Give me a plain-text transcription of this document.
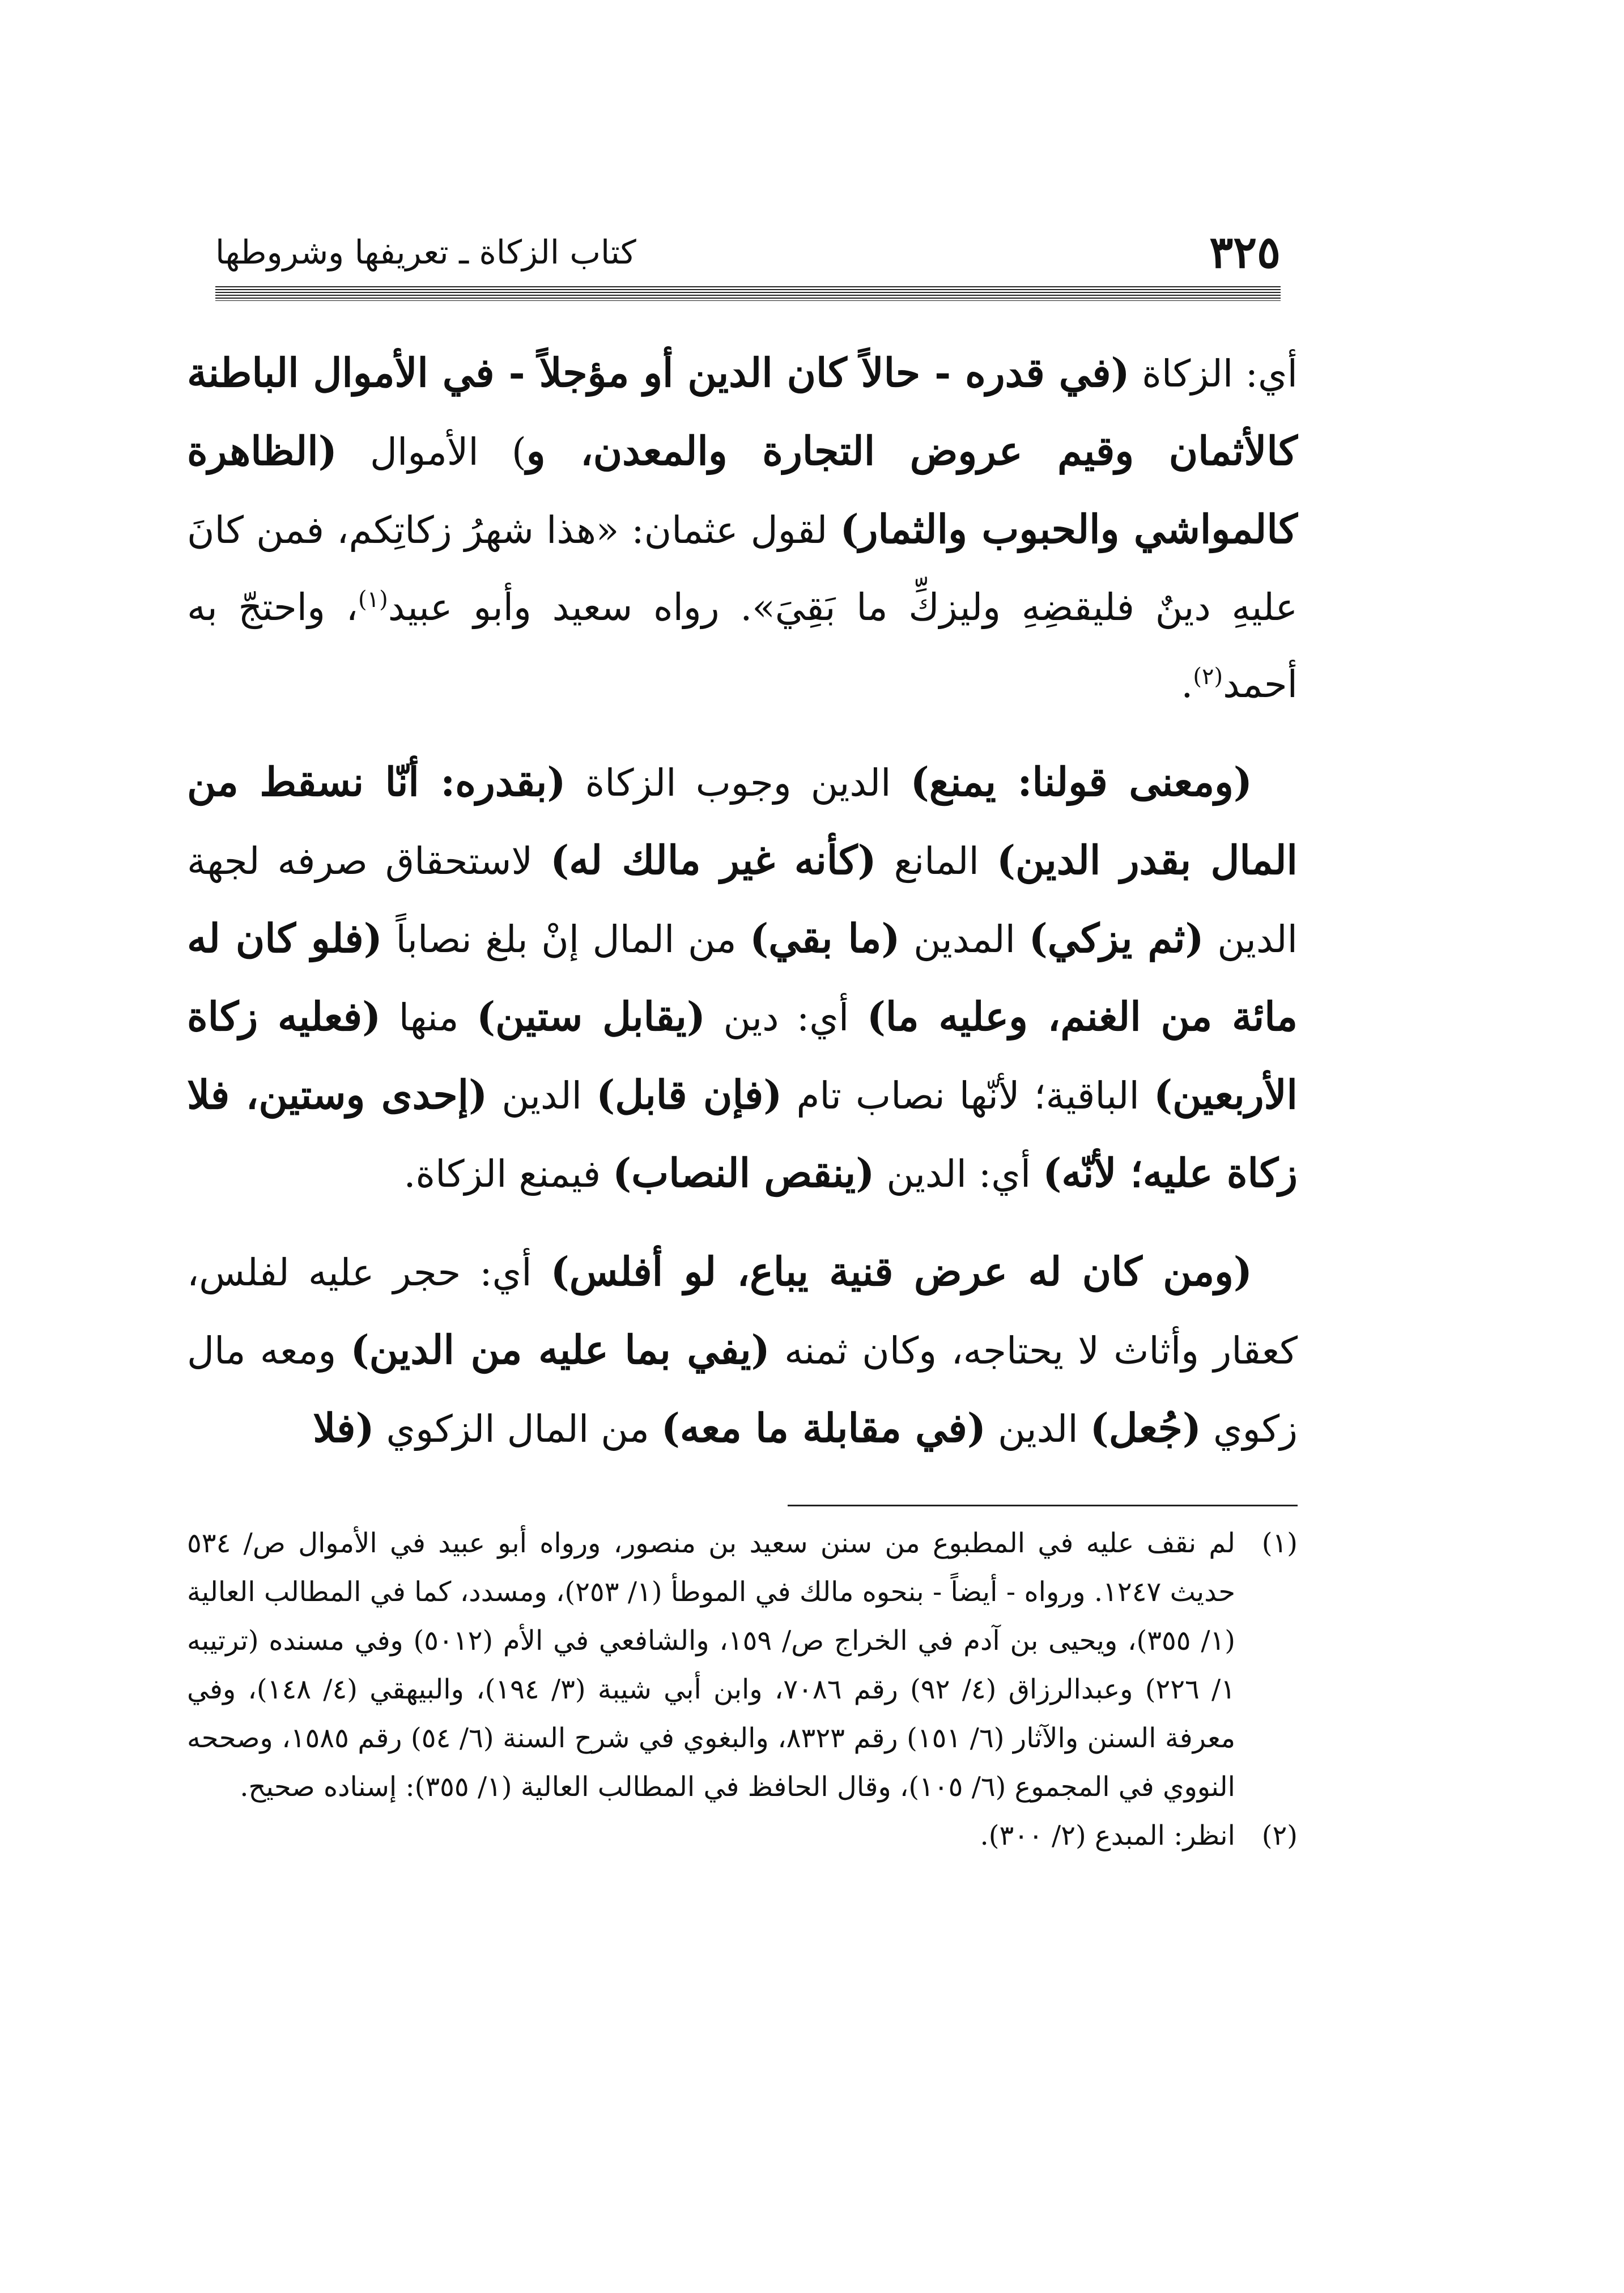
٣٢٥
كتاب الزكاة ـ تعريفها وشروطها

أي: الزكاة (في قدره - حالاً كان الدين أو مؤجلاً - في الأموال الباطنة كالأثمان وقيم عروض التجارة والمعدن، و) الأموال (الظاهرة كالمواشي والحبوب والثمار) لقول عثمان: «هذا شهرُ زكاتِكم، فمن كانَ عليهِ دينٌ فليقضِهِ وليزكِّ ما بَقِيَ». رواه سعيد وأبو عبيد$^{(١)}$، واحتجّ به أحمد$^{(٢)}$.

(ومعنى قولنا: يمنع) الدين وجوب الزكاة (بقدره: أنّا نسقط من المال بقدر الدين) المانع (كأنه غير مالك له) لاستحقاق صرفه لجهة الدين (ثم يزكي) المدين (ما بقي) من المال إنْ بلغ نصاباً (فلو كان له مائة من الغنم، وعليه ما) أي: دين (يقابل ستين) منها (فعليه زكاة الأربعين) الباقية؛ لأنّها نصاب تام (فإن قابل) الدين (إحدى وستين، فلا زكاة عليه؛ لأنّه) أي: الدين (ينقص النصاب) فيمنع الزكاة.

(ومن كان له عرض قنية يباع، لو أفلس) أي: حجر عليه لفلس، كعقار وأثاث لا يحتاجه، وكان ثمنه (يفي بما عليه من الدين) ومعه مال زكوي (جُعل) الدين (في مقابلة ما معه) من المال الزكوي (فلا

(١)
لم نقف عليه في المطبوع من سنن سعيد بن منصور، ورواه أبو عبيد في الأموال ص/ ٥٣٤ حديث ١٢٤٧. ورواه - أيضاً - بنحوه مالك في الموطأ (١/ ٢٥٣)، ومسدد، كما في المطالب العالية (١/ ٣٥٥)، ويحيى بن آدم في الخراج ص/ ١٥٩، والشافعي في الأم (٥٠١٢) وفي مسنده (ترتيبه ١/ ٢٢٦) وعبدالرزاق (٤/ ٩٢) رقم ٧٠٨٦، وابن أبي شيبة (٣/ ١٩٤)، والبيهقي (٤/ ١٤٨)، وفي معرفة السنن والآثار (٦/ ١٥١) رقم ٨٣٢٣، والبغوي في شرح السنة (٦/ ٥٤) رقم ١٥٨٥، وصححه النووي في المجموع (٦/ ١٠٥)، وقال الحافظ في المطالب العالية (١/ ٣٥٥): إسناده صحيح.
(٢)
انظر: المبدع (٢/ ٣٠٠).
